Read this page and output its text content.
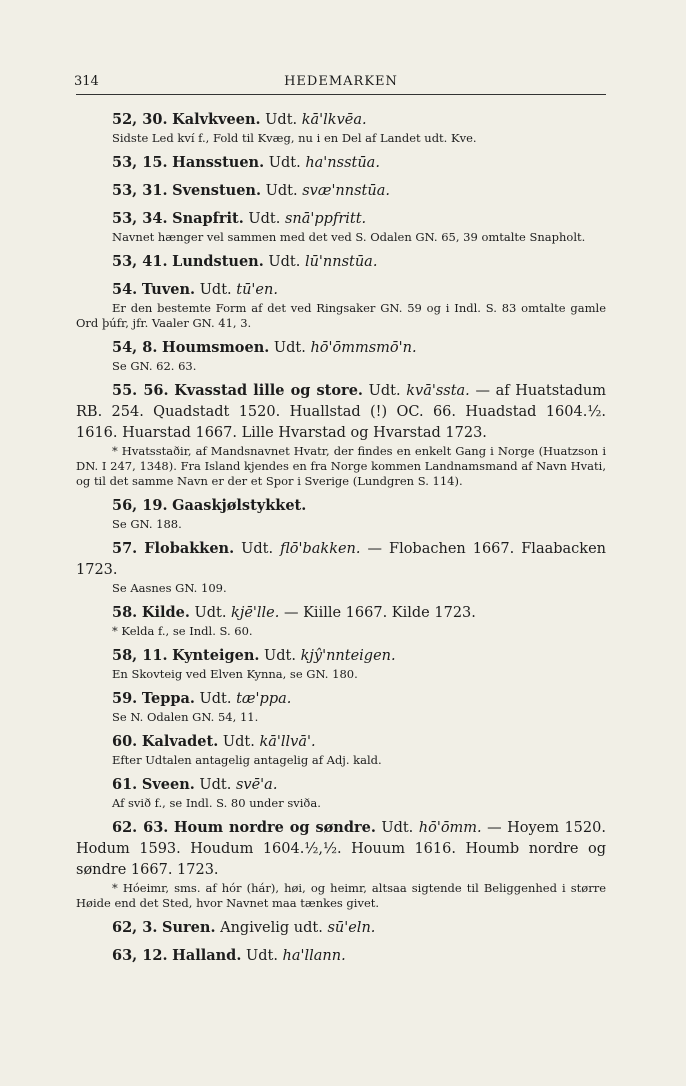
314	HEDEMARKEN
52, 30. Kalvkveen. Udt. kā'lkvēa.
Sidste Led kví f., Fold til Kvæg, nu i en Del af Landet udt. Kve.
53, 15. Hansstuen. Udt. ha'nsstūa.
53, 31. Svenstuen. Udt. svæ'nnstūa.
53, 34. Snapfrit. Udt. snā'ppfritt.
Navnet hænger vel sammen med det ved S. Odalen GN. 65, 39 omtalte Snapholt.
53, 41. Lundstuen. Udt. lū'nnstūa.
54. Tuven. Udt. tū'en.
Er den bestemte Form af det ved Ringsaker GN. 59 og i Indl. S. 83 omtalte gamle Ord þúfr, jfr. Vaaler GN. 41, 3.
54, 8. Houmsmoen. Udt. hō'ōmmsmō'n.
Se GN. 62. 63.
55. 56. Kvasstad lille og store. Udt. kvā'ssta. — af Huatstadum RB. 254. Quadstadt 1520. Huallstad (!) OC. 66. Huadstad 1604.½. 1616. Huarstad 1667. Lille Hvarstad og Hvarstad 1723.
* Hvatsstaðir, af Mandsnavnet Hvatr, der findes en enkelt Gang i Norge (Huatzson i DN. I 247, 1348). Fra Island kjendes en fra Norge kommen Landnamsmand af Navn Hvati, og til det samme Navn er der et Spor i Sverige (Lundgren S. 114).
56, 19. Gaaskjølstykket.
Se GN. 188.
57. Flobakken. Udt. flō'bakken. — Flobachen 1667. Flaabacken 1723.
Se Aasnes GN. 109.
58. Kilde. Udt. kjē'lle. — Kiille 1667. Kilde 1723.
* Kelda f., se Indl. S. 60.
58, 11. Kynteigen. Udt. kjŷ'nnteigen.
En Skovteig ved Elven Kynna, se GN. 180.
59. Teppa. Udt. tæ'ppa.
Se N. Odalen GN. 54, 11.
60. Kalvadet. Udt. kā'llvā'.
Efter Udtalen antagelig antagelig af Adj. kald.
61. Sveen. Udt. svē'a.
Af svið f., se Indl. S. 80 under sviða.
62. 63. Houm nordre og søndre. Udt. hō'ōmm. — Hoyem 1520. Hodum 1593. Houdum 1604.½,½. Houum 1616. Houmb nordre og søndre 1667. 1723.
* Hóeimr, sms. af hór (hár), høi, og heimr, altsaa sigtende til Beliggenhed i større Høide end det Sted, hvor Navnet maa tænkes givet.
62, 3. Suren. Angivelig udt. sū'eln.
63, 12. Halland. Udt. ha'llann.
